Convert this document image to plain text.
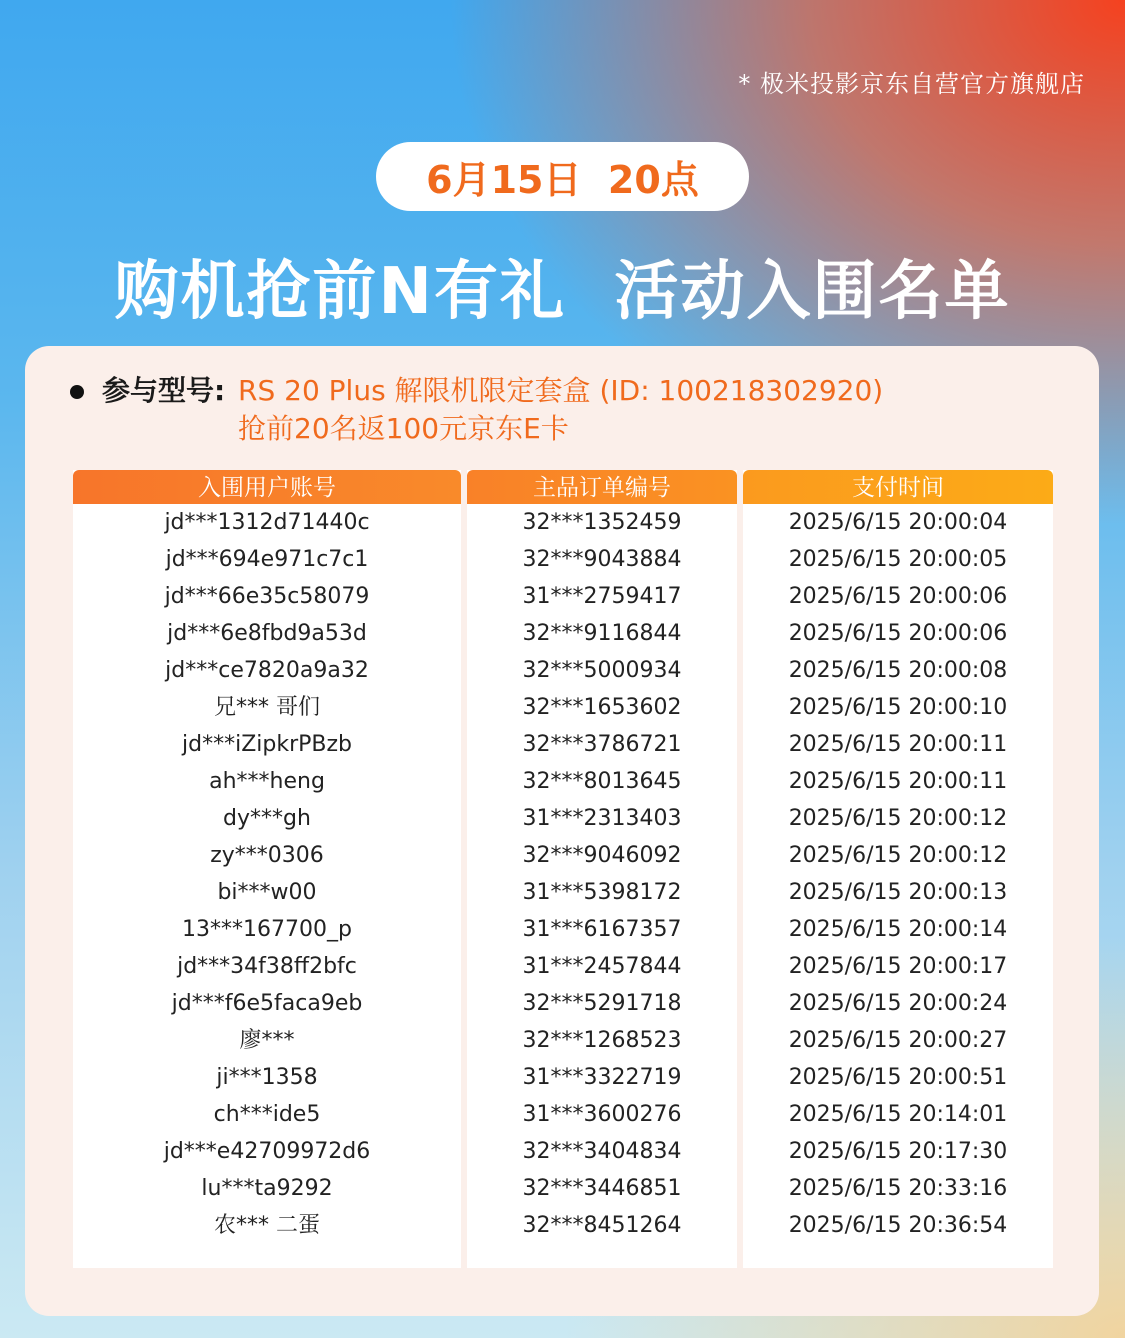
* 极米投影京东自营官方旗舰店
6月15日  20点
购机抢前N有礼  活动入围名单
参与型号: RS 20 Plus 解限机限定套盒 (ID: 100218302920)
抢前20名返100元京东E卡
入围用户账号
jd***1312d71440c
jd***694e971c7c1
jd***66e35c58079
jd***6e8fbd9a53d
jd***ce7820a9a32
兄*** 哥们
jd***iZipkrPBzb
ah***heng
dy***gh
zy***0306
bi***w00
13***167700_p
jd***34f38ff2bfc
jd***f6e5faca9eb
廖***
ji***1358
ch***ide5
jd***e42709972d6
lu***ta9292
农*** 二蛋
主品订单编号
32***1352459
32***9043884
31***2759417
32***9116844
32***5000934
32***1653602
32***3786721
32***8013645
31***2313403
32***9046092
31***5398172
31***6167357
31***2457844
32***5291718
32***1268523
31***3322719
31***3600276
32***3404834
32***3446851
32***8451264
支付时间
2025/6/15 20:00:04
2025/6/15 20:00:05
2025/6/15 20:00:06
2025/6/15 20:00:06
2025/6/15 20:00:08
2025/6/15 20:00:10
2025/6/15 20:00:11
2025/6/15 20:00:11
2025/6/15 20:00:12
2025/6/15 20:00:12
2025/6/15 20:00:13
2025/6/15 20:00:14
2025/6/15 20:00:17
2025/6/15 20:00:24
2025/6/15 20:00:27
2025/6/15 20:00:51
2025/6/15 20:14:01
2025/6/15 20:17:30
2025/6/15 20:33:16
2025/6/15 20:36:54
